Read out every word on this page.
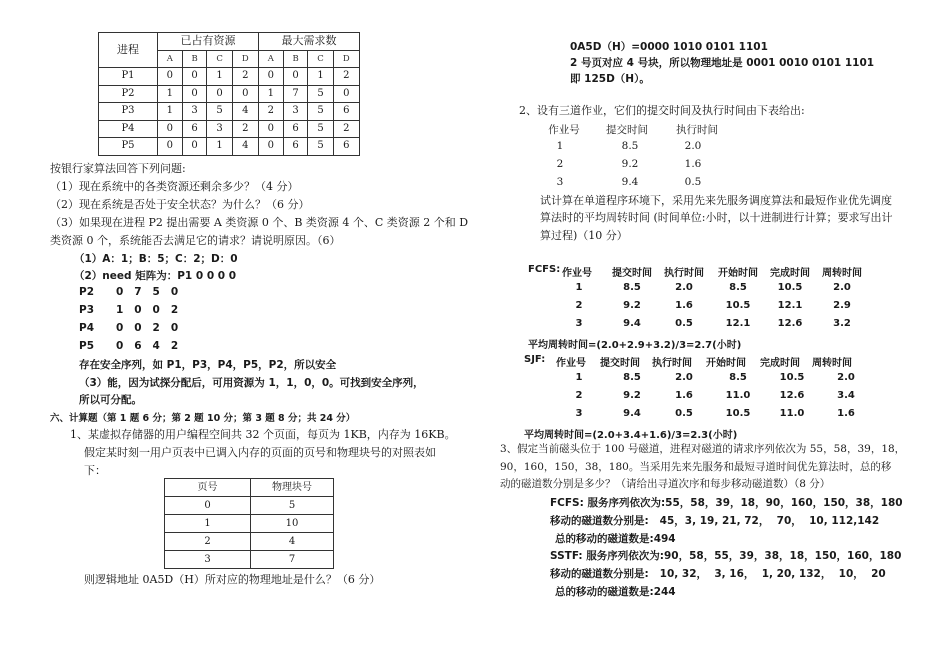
进程	已占有资源				最大需求数			
	A	B	C	D	A	B	C	D
P1	0	0	1	2	0	0	1	2
P2	1	0	0	0	1	7	5	0
P3	1	3	5	4	2	3	5	6
P4	0	6	3	2	0	6	5	2
P5	0	0	1	4	0	6	5	6
按银行家算法回答下列问题:
（1）现在系统中的各类资源还剩余多少？（4 分）
（2）现在系统是否处于安全状态？为什么？（6 分）
（3）如果现在进程 P2 提出需要 A 类资源 0 个、B 类资源 4 个、C 类资源 2 个和 D
类资源 0 个，系统能否去满足它的请求？请说明原因。（6）
（1）A：1；B：5；C：2；D：0
（2）need 矩阵为：P1 0 0 0 0
P2 0   7   5   0
P3 1   0   0   2
P4 0   0   2   0
P5 0   6   4   2
存在安全序列，如 P1，P3，P4，P5，P2，所以安全
（3）能，因为试探分配后，可用资源为 1，1，0，0。可找到安全序列，
所以可分配。
六、计算题（第 1 题 6 分；第 2 题 10 分；第 3 题 8 分；共 24 分）
1、某虚拟存储器的用户编程空间共 32 个页面，每页为 1KB，内存为 16KB。
假定某时刻一用户页表中已调入内存的页面的页号和物理块号的对照表如
下：
页号	物理块号
0	5
1	10
2	4
3	7
则逻辑地址 0A5D（H）所对应的物理地址是什么？（6 分）
0A5D（H）=0000 1010 0101 1101
2 号页对应 4 号块，所以物理地址是 0001 0010 0101 1101
即 125D（H）。
2、设有三道作业，它们的提交时间及执行时间由下表给出:
作业号	提交时间	执行时间
1	8.5	2.0
2	9.2	1.6
3	9.4	0.5
试计算在单道程序环境下，采用先来先服务调度算法和最短作业优先调度
算法时的平均周转时间 (时间单位:小时，以十进制进行计算；要求写出计
算过程)（10 分）
FCFS: 作业号	提交时间	执行时间	开始时间	完成时间	周转时间
1	8.5	2.0	8.5	10.5	2.0
2	9.2	1.6	10.5	12.1	2.9
3	9.4	0.5	12.1	12.6	3.2
平均周转时间=(2.0+2.9+3.2)/3=2.7(小时)
SJF:	作业号	提交时间	执行时间	开始时间	完成时间	周转时间
1	8.5	2.0	8.5	10.5	2.0
2	9.2	1.6	11.0	12.6	3.4
3	9.4	0.5	10.5	11.0	1.6
平均周转时间=(2.0+3.4+1.6)/3=2.3(小时)
3、假定当前磁头位于 100 号磁道，进程对磁道的请求序列依次为 55，58，39，18，
90，160，150，38，180。当采用先来先服务和最短寻道时间优先算法时，总的移
动的磁道数分别是多少？（请给出寻道次序和每步移动磁道数）（8 分）
FCFS: 服务序列依次为:55，58，39，18，90，160，150，38，180
移动的磁道数分别是:   45，3, 19, 21, 72，  70，  10, 112,142
总的移动的磁道数是:494
SSTF: 服务序列依次为:90，58，55，39，38，18，150，160，180
移动的磁道数分别是:   10, 32，  3, 16，  1, 20, 132，  10，  20
总的移动的磁道数是:244
